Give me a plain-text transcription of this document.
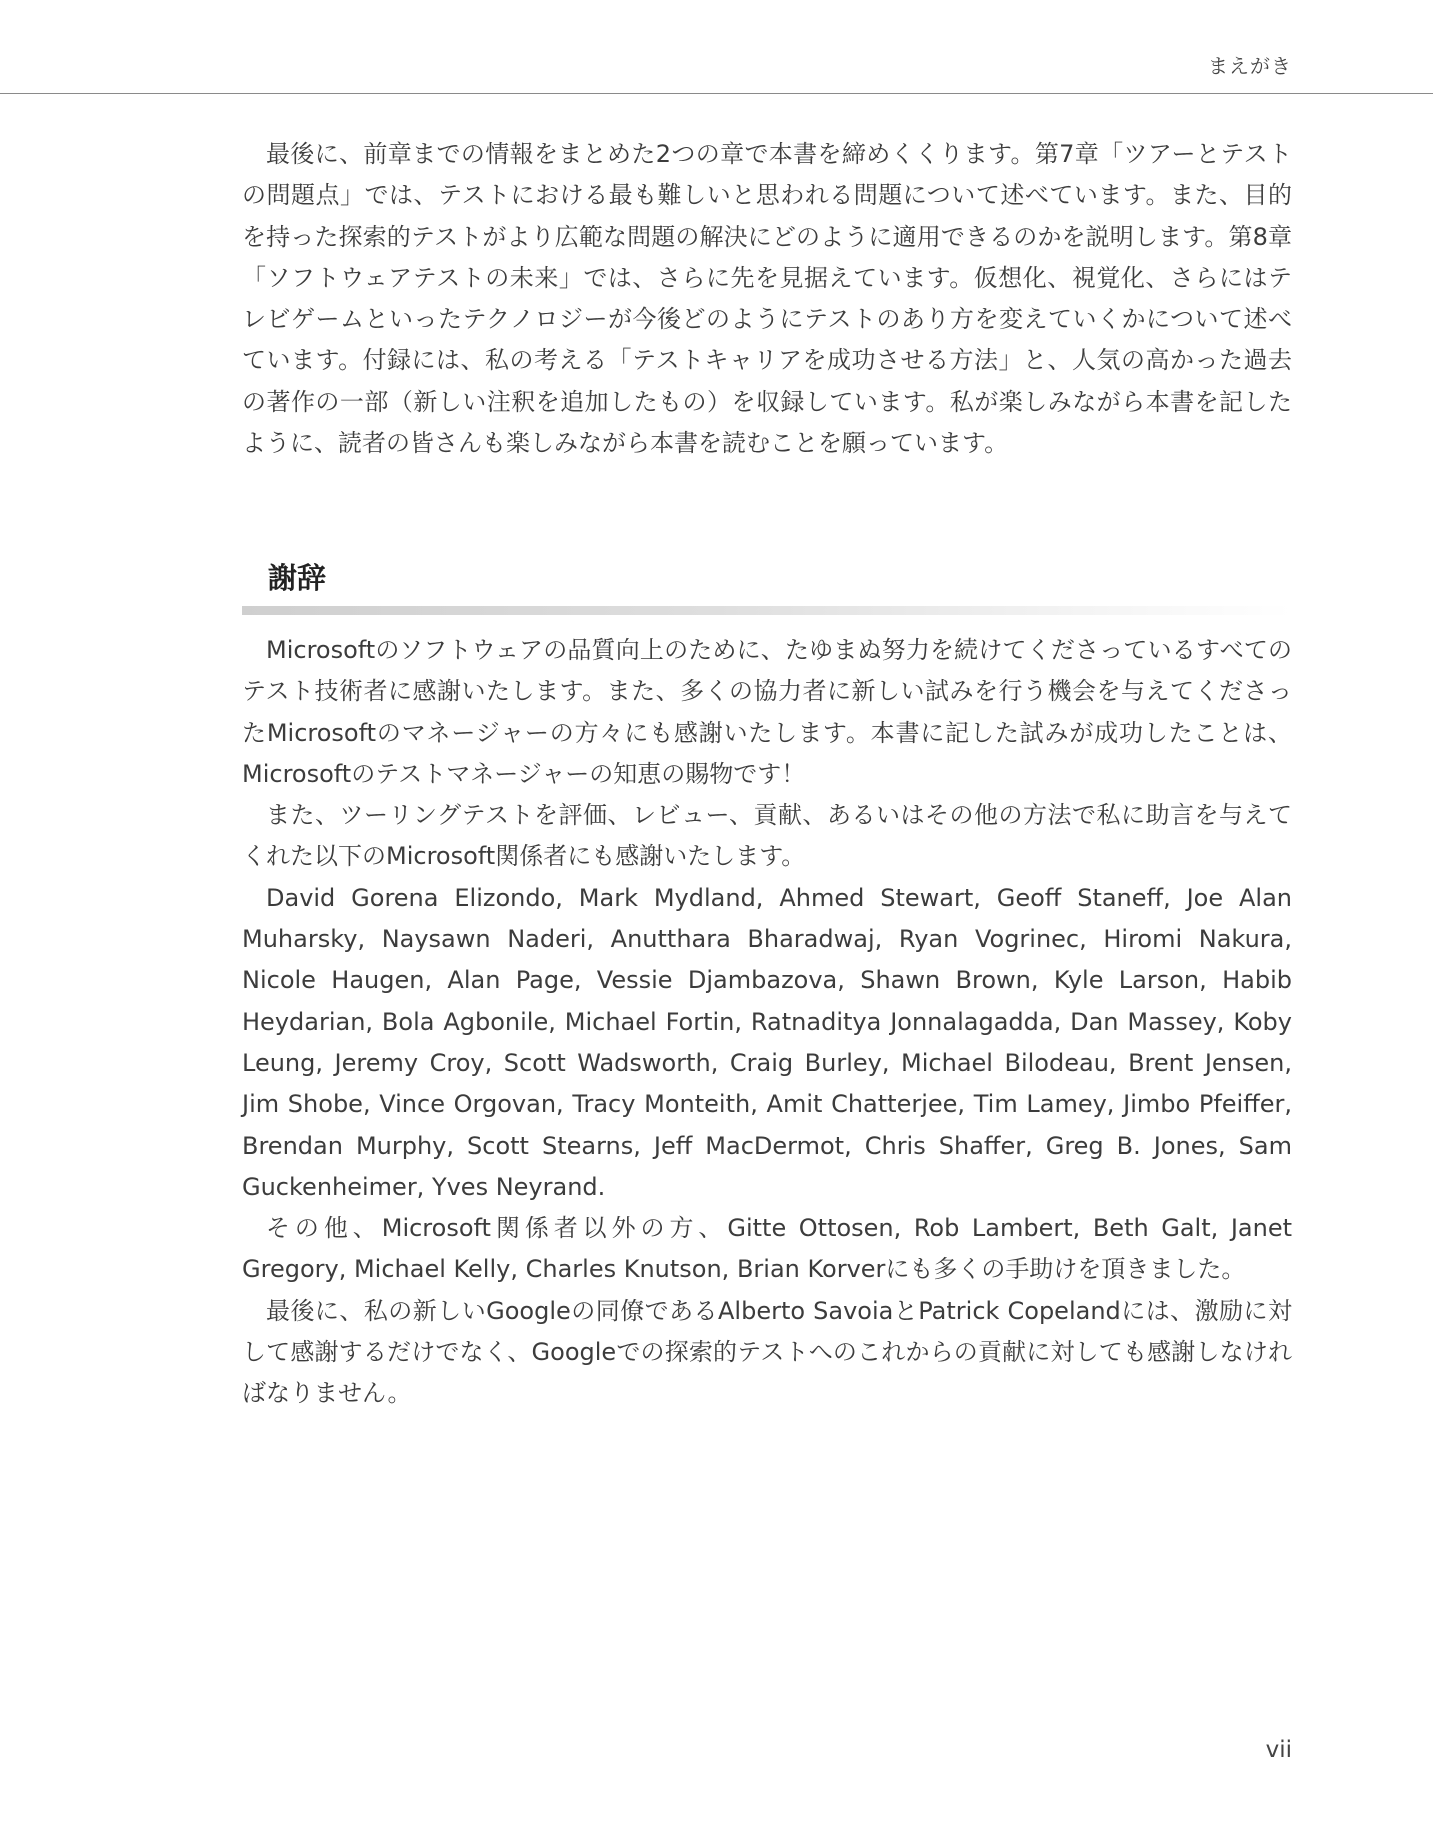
まえがき

最後に、前章までの情報をまとめた2つの章で本書を締めくくります。第7章「ツアーとテストの問題点」では、テストにおける最も難しいと思われる問題について述べています。また、目的を持った探索的テストがより広範な問題の解決にどのように適用できるのかを説明します。第8章「ソフトウェアテストの未来」では、さらに先を見据えています。仮想化、視覚化、さらにはテレビゲームといったテクノロジーが今後どのようにテストのあり方を変えていくかについて述べています。付録には、私の考える「テストキャリアを成功させる方法」と、人気の高かった過去の著作の一部（新しい注釈を追加したもの）を収録しています。私が楽しみながら本書を記したように、読者の皆さんも楽しみながら本書を読むことを願っています。

謝辞

Microsoftのソフトウェアの品質向上のために、たゆまぬ努力を続けてくださっているすべてのテスト技術者に感謝いたします。また、多くの協力者に新しい試みを行う機会を与えてくださったMicrosoftのマネージャーの方々にも感謝いたします。本書に記した試みが成功したことは、Microsoftのテストマネージャーの知恵の賜物です！

また、ツーリングテストを評価、レビュー、貢献、あるいはその他の方法で私に助言を与えてくれた以下のMicrosoft関係者にも感謝いたします。

David Gorena Elizondo, Mark Mydland, Ahmed Stewart, Geoff Staneff, Joe Alan Muharsky, Naysawn Naderi, Anutthara Bharadwaj, Ryan Vogrinec, Hiromi Nakura, Nicole Haugen, Alan Page, Vessie Djambazova, Shawn Brown, Kyle Larson, Habib Heydarian, Bola Agbonile, Michael Fortin, Ratnaditya Jonnalagadda, Dan Massey, Koby Leung, Jeremy Croy, Scott Wadsworth, Craig Burley, Michael Bilodeau, Brent Jensen, Jim Shobe, Vince Orgovan, Tracy Monteith, Amit Chatterjee, Tim Lamey, Jimbo Pfeiffer, Brendan Murphy, Scott Stearns, Jeff MacDermot, Chris Shaffer, Greg B. Jones, Sam Guckenheimer, Yves Neyrand.

その他、Microsoft関係者以外の方、Gitte Ottosen, Rob Lambert, Beth Galt, Janet Gregory, Michael Kelly, Charles Knutson, Brian Korverにも多くの手助けを頂きました。

最後に、私の新しいGoogleの同僚であるAlberto SavoiaとPatrick Copelandには、激励に対して感謝するだけでなく、Googleでの探索的テストへのこれからの貢献に対しても感謝しなければなりません。

vii
